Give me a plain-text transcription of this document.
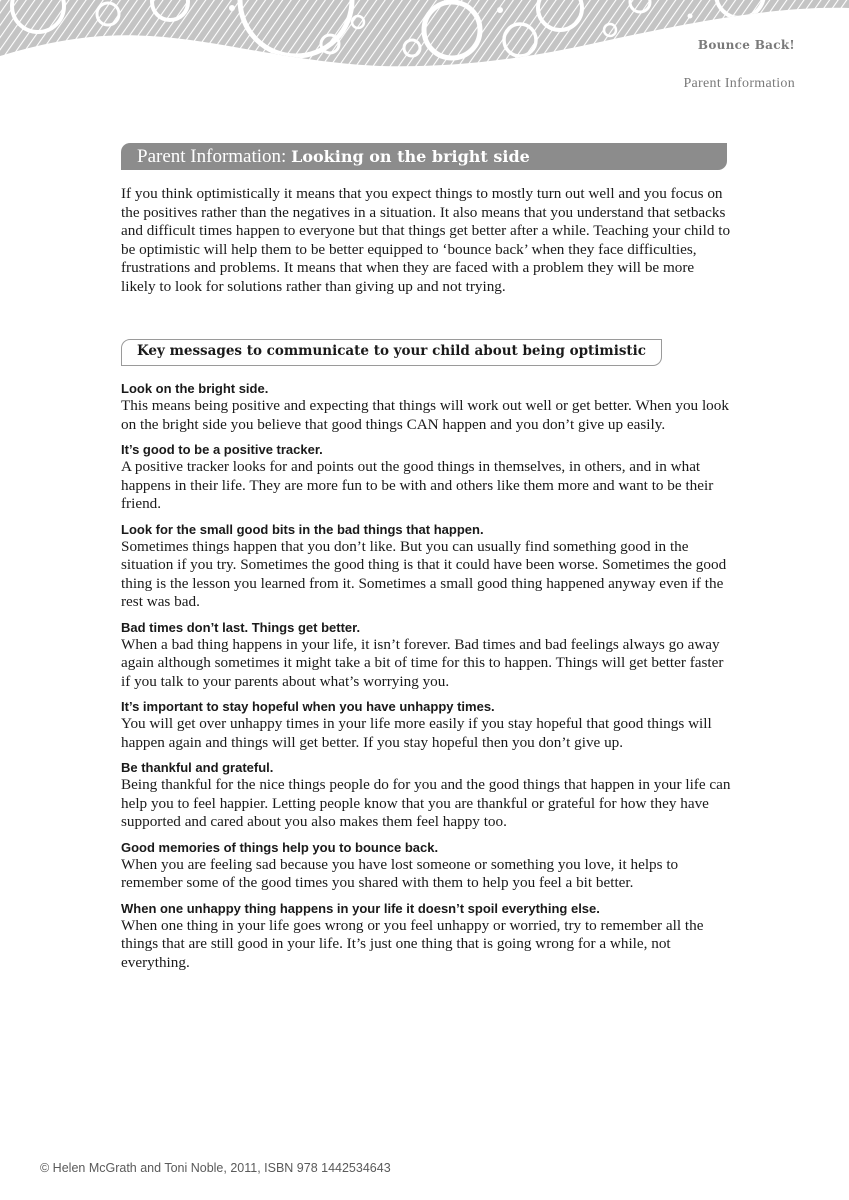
Bounce Back!
Parent Information
Parent Information: Looking on the bright side

If you think optimistically it means that you expect things to mostly turn out well and you focus on the positives rather than the negatives in a situation. It also means that you understand that setbacks and difficult times happen to everyone but that things get better after a while. Teaching your child to be optimistic will help them to be better equipped to ‘bounce back’ when they face difficulties, frustrations and problems. It means that when they are faced with a problem they will be more likely to look for solutions rather than giving up and not trying.

Key messages to communicate to your child about being optimistic

Look on the bright side.

This means being positive and expecting that things will work out well or get better. When you look on the bright side you believe that good things CAN happen and you don’t give up easily.

It’s good to be a positive tracker.

A positive tracker looks for and points out the good things in themselves, in others, and in what happens in their life. They are more fun to be with and others like them more and want to be their friend.

Look for the small good bits in the bad things that happen.

Sometimes things happen that you don’t like. But you can usually find something good in the situation if you try. Sometimes the good thing is that it could have been worse. Sometimes the good thing is the lesson you learned from it. Sometimes a small good thing happened anyway even if the rest was bad.

Bad times don’t last. Things get better.

When a bad thing happens in your life, it isn’t forever. Bad times and bad feelings always go away again although sometimes it might take a bit of time for this to happen. Things will get better faster if you talk to your parents about what’s worrying you.

It’s important to stay hopeful when you have unhappy times.

You will get over unhappy times in your life more easily if you stay hopeful that good things will happen again and things will get better. If you stay hopeful then you don’t give up.

Be thankful and grateful.

Being thankful for the nice things people do for you and the good things that happen in your life can help you to feel happier. Letting people know that you are thankful or grateful for how they have supported and cared about you also makes them feel happy too.

Good memories of things help you to bounce back.

When you are feeling sad because you have lost someone or something you love, it helps to remember some of the good times you shared with them to help you feel a bit better.

When one unhappy thing happens in your life it doesn’t spoil everything else.

When one thing in your life goes wrong or you feel unhappy or worried, try to remember all the things that are still good in your life. It’s just one thing that is going wrong for a while, not everything.

© Helen McGrath and Toni Noble, 2011, ISBN 978 1442534643
